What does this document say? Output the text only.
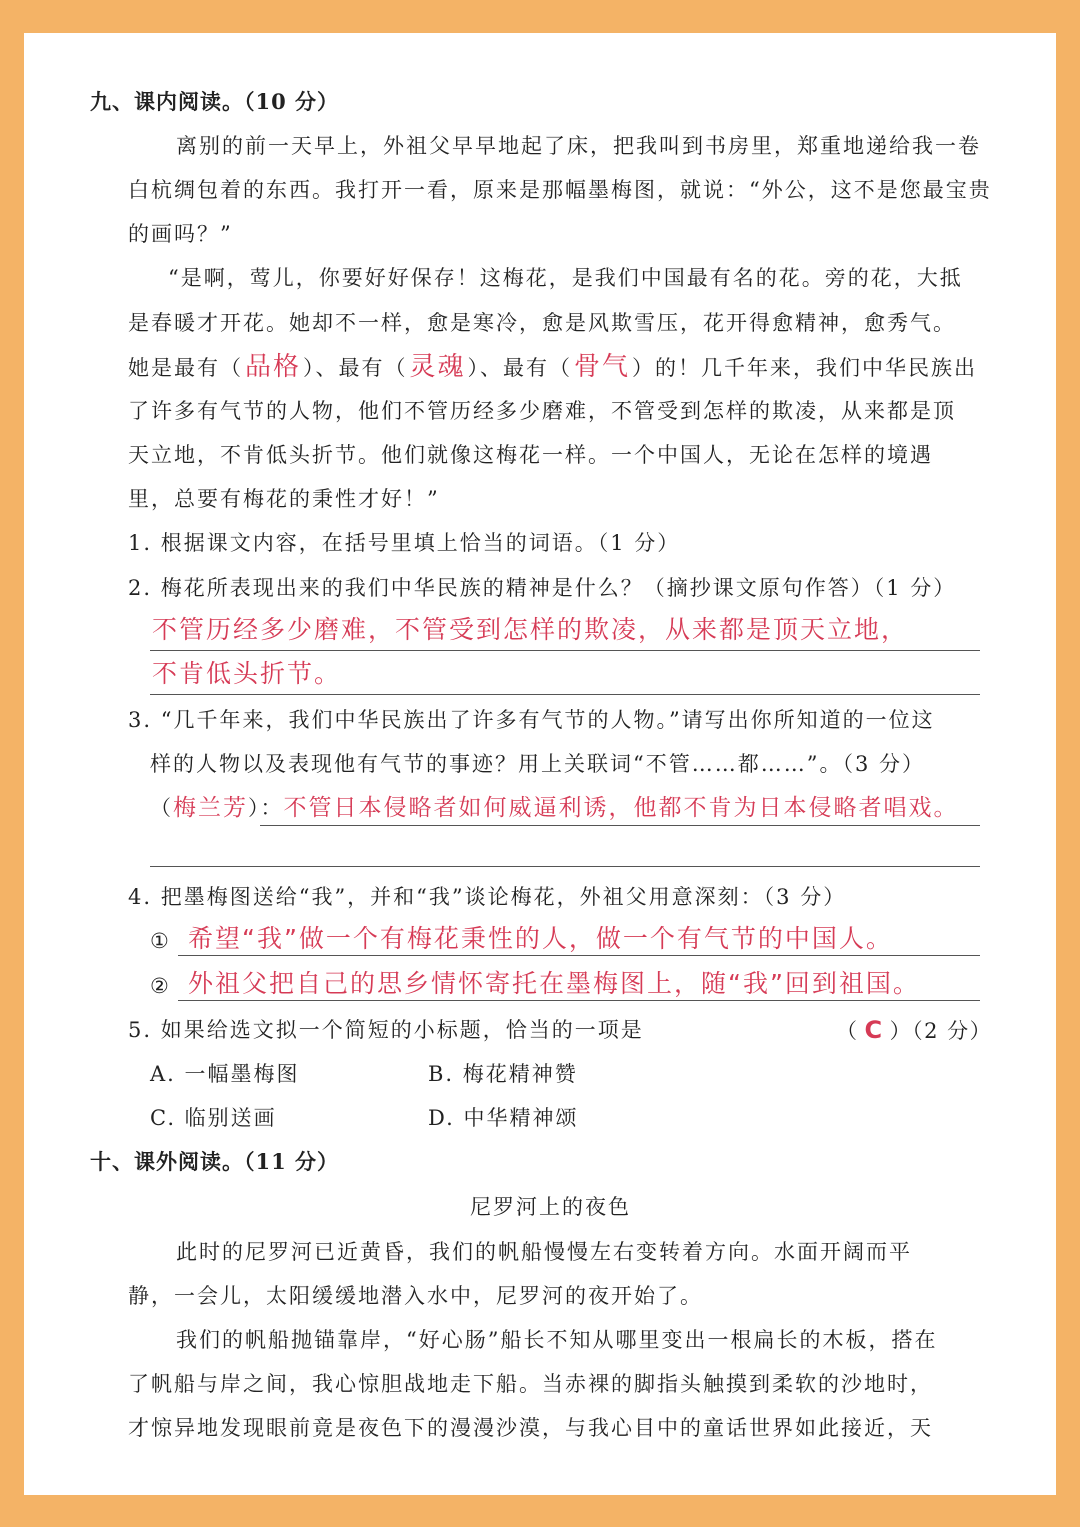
九、课内阅读。（10 分）
离别的前一天早上，外祖父早早地起了床，把我叫到书房里，郑重地递给我一卷
白杭绸包着的东西。我打开一看，原来是那幅墨梅图，就说：“外公，这不是您最宝贵
的画吗？”
“是啊，莺儿，你要好好保存！这梅花，是我们中国最有名的花。旁的花，大抵
是春暖才开花。她却不一样，愈是寒冷，愈是风欺雪压，花开得愈精神，愈秀气。
她是最有（品格）、最有（灵魂）、最有（骨气）的！几千年来，我们中华民族出
了许多有气节的人物，他们不管历经多少磨难，不管受到怎样的欺凌，从来都是顶
天立地，不肯低头折节。他们就像这梅花一样。一个中国人，无论在怎样的境遇
里，总要有梅花的秉性才好！”
1. 根据课文内容，在括号里填上恰当的词语。（1 分）
2. 梅花所表现出来的我们中华民族的精神是什么？（摘抄课文原句作答）（1 分）
不管历经多少磨难，不管受到怎样的欺凌，从来都是顶天立地，
不肯低头折节。
3. “几千年来，我们中华民族出了许多有气节的人物。”请写出你所知道的一位这
样的人物以及表现他有气节的事迹？用上关联词“不管……都……”。（3 分）
（梅兰芳）：不管日本侵略者如何威逼利诱，他都不肯为日本侵略者唱戏。
4. 把墨梅图送给“我”，并和“我”谈论梅花，外祖父用意深刻：（3 分）
① 希望“我”做一个有梅花秉性的人，做一个有气节的中国人。
② 外祖父把自己的思乡情怀寄托在墨梅图上，随“我”回到祖国。
5. 如果给选文拟一个简短的小标题，恰当的一项是	（ C ）（2 分）
A. 一幅墨梅图	B. 梅花精神赞
C. 临别送画	D. 中华精神颂
十、课外阅读。（11 分）
尼罗河上的夜色
此时的尼罗河已近黄昏，我们的帆船慢慢左右变转着方向。水面开阔而平
静，一会儿，太阳缓缓地潜入水中，尼罗河的夜开始了。
我们的帆船抛锚靠岸，“好心肠”船长不知从哪里变出一根扁长的木板，搭在
了帆船与岸之间，我心惊胆战地走下船。当赤裸的脚指头触摸到柔软的沙地时，
才惊异地发现眼前竟是夜色下的漫漫沙漠，与我心目中的童话世界如此接近，天
